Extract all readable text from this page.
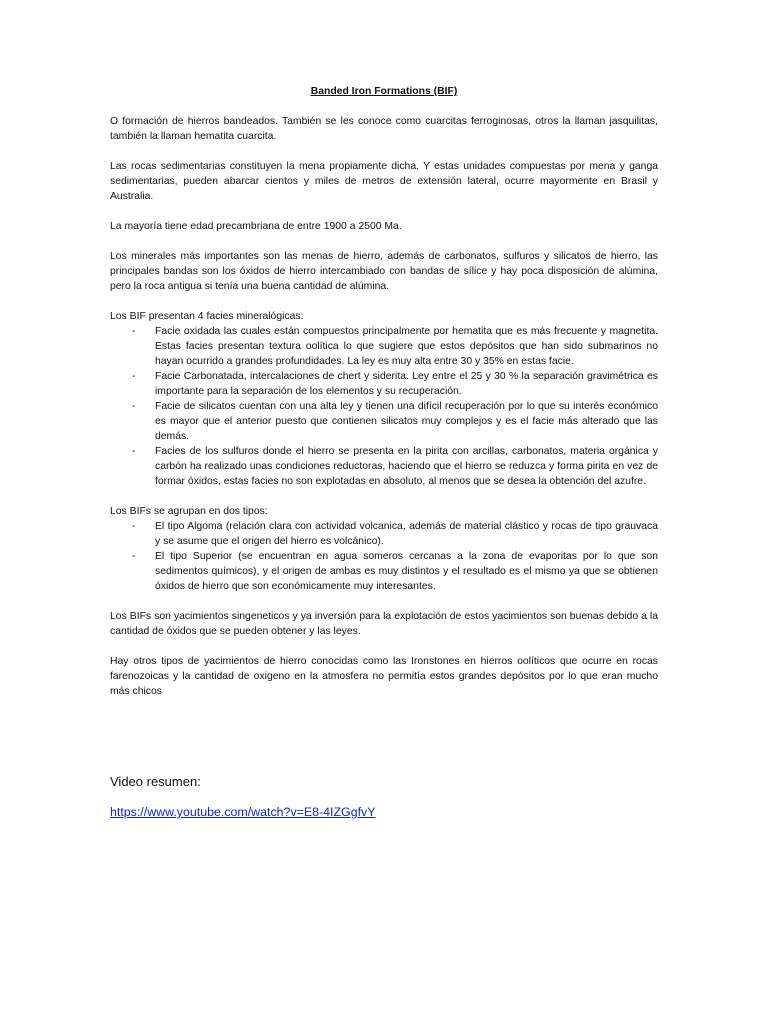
Banded Iron Formations (BIF)

O formación de hierros bandeados. También se les conoce como cuarcitas ferroginosas, otros la llaman jasquilitas, también la llaman hematita cuarcita.

Las rocas sedimentarias constituyen la mena propiamente dicha. Y estas unidades compuestas por mena y ganga sedimentarias, pueden abarcar cientos y miles de metros de extensión lateral, ocurre mayormente en Brasil y Australia.

La mayoría tiene edad precambriana de entre 1900 a 2500 Ma.

Los minerales más importantes son las menas de hierro, además de carbonatos, sulfuros y silicatos de hierro, las principales bandas son los óxidos de hierro intercambiado con bandas de sílice y hay poca disposición de alúmina, pero la roca antigua si tenía una buena cantidad de alúmina.

Los BIF presentan 4 facies mineralógicas:

- Facie oxidada las cuales están compuestos principalmente por hematita que es más frecuente y magnetita. Estas facies presentan textura oolítica lo que sugiere que estos depósitos que han sido submarinos no hayan ocurrido a grandes profundidades. La ley es muy alta entre 30 y 35% en estas facie.
- Facie Carbonatada, intercalaciones de chert y siderita. Ley entre el 25 y 30 % la separación gravimétrica es importante para la separación de los elementos y su recuperación.
- Facie de silicatos cuentan con una alta ley y tienen una difícil recuperación por lo que su interés económico es mayor que el anterior puesto que contienen silicatos muy complejos y es el facie más alterado que las demás.
- Facies de los sulfuros donde el hierro se presenta en la pirita con arcillas, carbonatos, materia orgánica y carbón ha realizado unas condiciones reductoras, haciendo que el hierro se reduzca y forma pirita en vez de formar óxidos, estas facies no son explotadas en absoluto, al menos que se desea la obtención del azufre.

Los BIFs se agrupan en dos tipos:

- El tipo Algoma (relación clara con actividad volcanica, además de material clástico y rocas de tipo grauvaca y se asume que el origen del hierro es volcánico).
- El tipo Superior (se encuentran en agua someros cercanas a la zona de evaporitas por lo que son sedimentos químicos), y el origen de ambas es muy distintos y el resultado es el mismo ya que se obtienen óxidos de hierro que son económicamente muy interesantes.

Los BIFs son yacimientos singeneticos y ya inversión para la explotación de estos yacimientos son buenas debido a la cantidad de óxidos que se pueden obtener y las leyes.

Hay otros tipos de yacimientos de hierro conocidas como las Ironstones en hierros oolíticos que ocurre en rocas farenozoicas y la cantidad de oxigeno en la atmosfera no permitía estos grandes depósitos por lo que eran mucho más chicos

Video resumen:
https://www.youtube.com/watch?v=E8-4IZGgfvY
